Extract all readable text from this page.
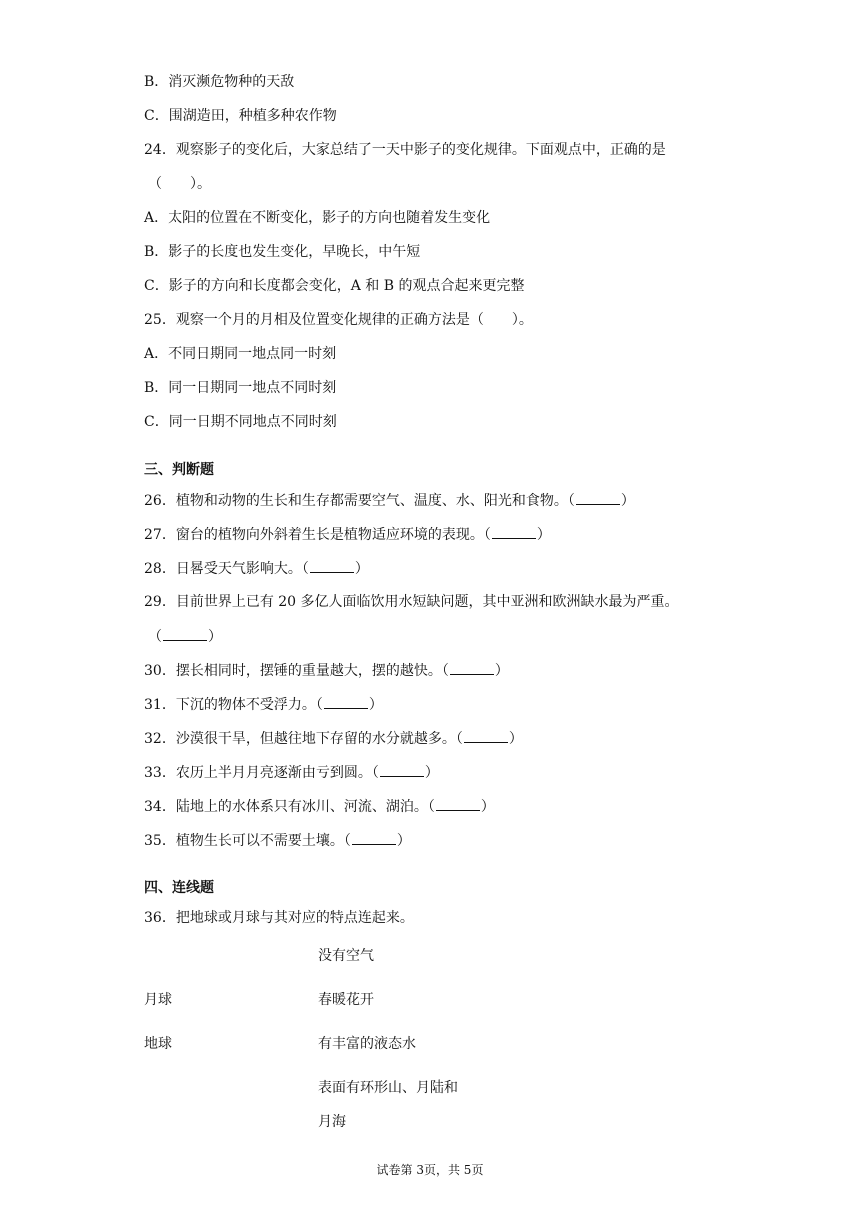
B．消灭濒危物种的天敌
C．围湖造田，种植多种农作物
24．观察影子的变化后，大家总结了一天中影子的变化规律。下面观点中，正确的是
（　　）。
A．太阳的位置在不断变化，影子的方向也随着发生变化
B．影子的长度也发生变化，早晚长，中午短
C．影子的方向和长度都会变化，A 和 B 的观点合起来更完整
25．观察一个月的月相及位置变化规律的正确方法是（　　）。
A．不同日期同一地点同一时刻
B．同一日期同一地点不同时刻
C．同一日期不同地点不同时刻
三、判断题
26．植物和动物的生长和生存都需要空气、温度、水、阳光和食物。（	）
27．窗台的植物向外斜着生长是植物适应环境的表现。（	）
28．日晷受天气影响大。（	）
29．目前世界上已有 20 多亿人面临饮用水短缺问题，其中亚洲和欧洲缺水最为严重。
（	）
30．摆长相同时，摆锤的重量越大，摆的越快。（	）
31．下沉的物体不受浮力。（	）
32．沙漠很干旱，但越往地下存留的水分就越多。（	）
33．农历上半月月亮逐渐由亏到圆。（	）
34．陆地上的水体系只有冰川、河流、湖泊。（	）
35．植物生长可以不需要土壤。（	）
四、连线题
36．把地球或月球与其对应的特点连起来。
没有空气
月球	春暖花开
地球	有丰富的液态水
表面有环形山、月陆和
月海
试卷第 3页，共 5页
